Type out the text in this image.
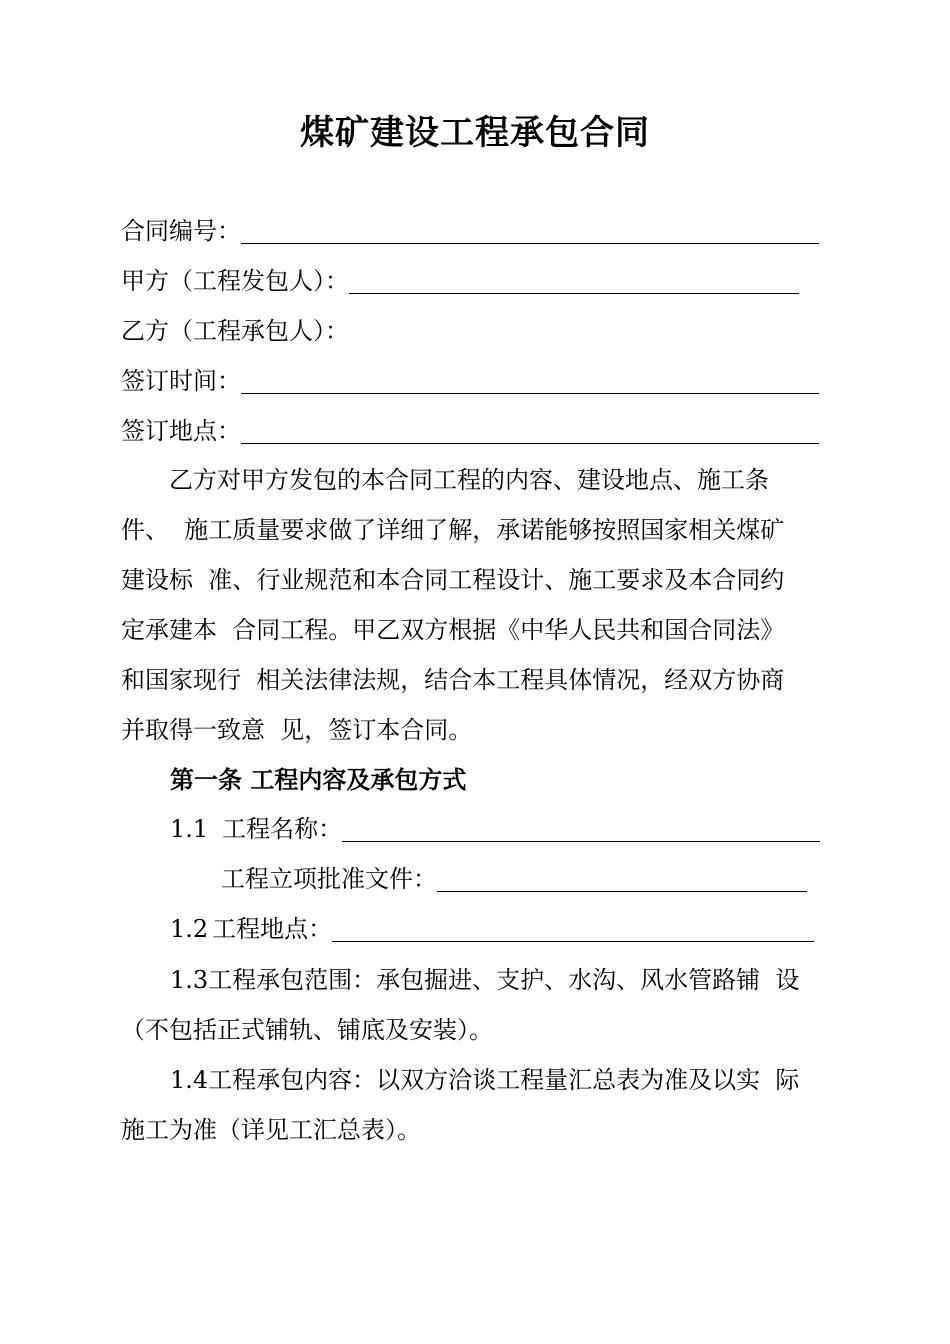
煤矿建设工程承包合同
合同编号：
甲方（工程发包人）：
乙方（工程承包人）：
签订时间：
签订地点：
　　乙方对甲方发包的本合同工程的内容、建设地点、施工条
件、  施工质量要求做了详细了解，承诺能够按照国家相关煤矿
建设标  准、行业规范和本合同工程设计、施工要求及本合同约
定承建本  合同工程。甲乙双方根据《中华人民共和国合同法》
和国家现行  相关法律法规，结合本工程具体情况，经双方协商
并取得一致意  见，签订本合同。
第一条 工程内容及承包方式
1.1 工程名称：
工程立项批准文件：
1.2 工程地点：
1.3工程承包范围：承包掘进、支护、水沟、风水管路铺  设
（不包括正式铺轨、铺底及安装）。
1.4工程承包内容：以双方洽谈工程量汇总表为准及以实  际
施工为准（详见工汇总表）。
